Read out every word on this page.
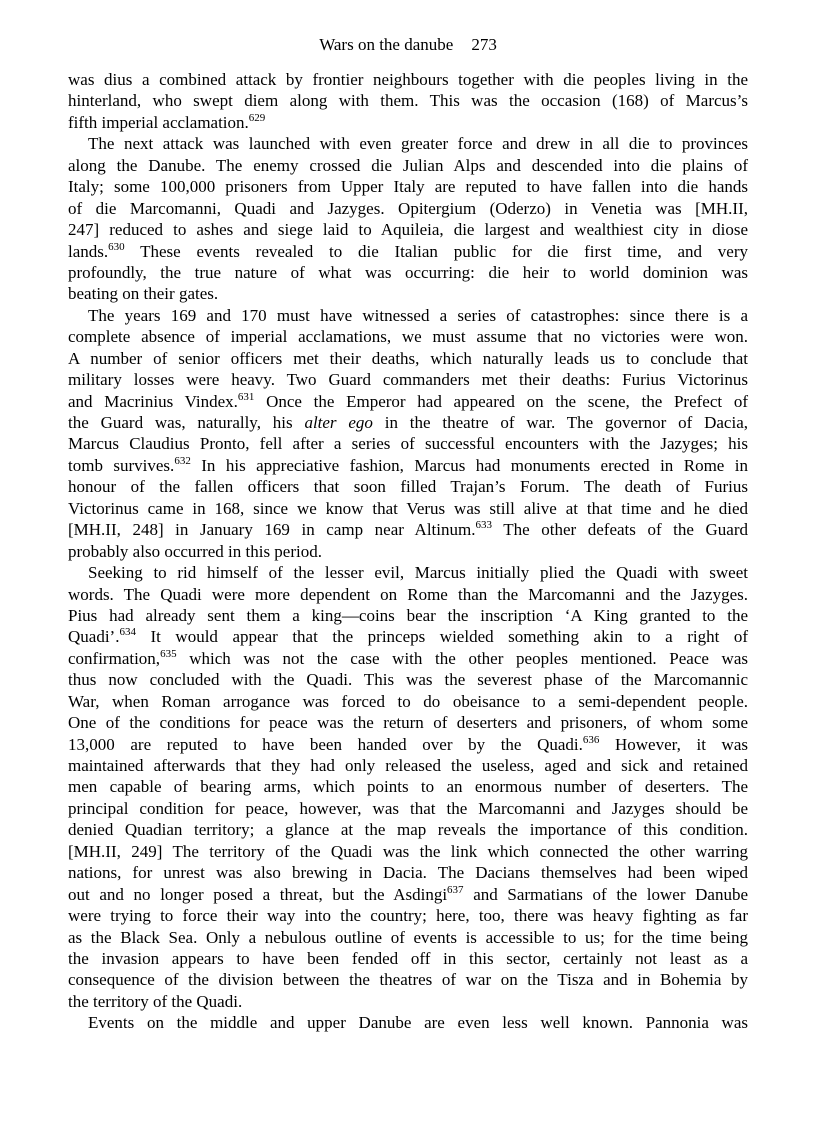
Wars on the danube 273
was dius a combined attack by frontier neighbours together with die peoples living in the
hinterland, who swept diem along with them. This was the occasion (168) of Marcus’s
fifth imperial acclamation.$^{629}$
The next attack was launched with even greater force and drew in all die to provinces
along the Danube. The enemy crossed die Julian Alps and descended into die plains of
Italy; some 100,000 prisoners from Upper Italy are reputed to have fallen into die hands
of die Marcomanni, Quadi and Jazyges. Opitergium (Oderzo) in Venetia was [MH.II,
247] reduced to ashes and siege laid to Aquileia, die largest and wealthiest city in diose
lands.$^{630}$ These events revealed to die Italian public for die first time, and very
profoundly, the true nature of what was occurring: die heir to world dominion was
beating on their gates.
The years 169 and 170 must have witnessed a series of catastrophes: since there is a
complete absence of imperial acclamations, we must assume that no victories were won.
A number of senior officers met their deaths, which naturally leads us to conclude that
military losses were heavy. Two Guard commanders met their deaths: Furius Victorinus
and Macrinius Vindex.$^{631}$ Once the Emperor had appeared on the scene, the Prefect of
the Guard was, naturally, his alter ego in the theatre of war. The governor of Dacia,
Marcus Claudius Pronto, fell after a series of successful encounters with the Jazyges; his
tomb survives.$^{632}$ In his appreciative fashion, Marcus had monuments erected in Rome in
honour of the fallen officers that soon filled Trajan’s Forum. The death of Furius
Victorinus came in 168, since we know that Verus was still alive at that time and he died
[MH.II, 248] in January 169 in camp near Altinum.$^{633}$ The other defeats of the Guard
probably also occurred in this period.
Seeking to rid himself of the lesser evil, Marcus initially plied the Quadi with sweet
words. The Quadi were more dependent on Rome than the Marcomanni and the Jazyges.
Pius had already sent them a king—coins bear the inscription ‘A King granted to the
Quadi’.$^{634}$ It would appear that the princeps wielded something akin to a right of
confirmation,$^{635}$ which was not the case with the other peoples mentioned. Peace was
thus now concluded with the Quadi. This was the severest phase of the Marcomannic
War, when Roman arrogance was forced to do obeisance to a semi-dependent people.
One of the conditions for peace was the return of deserters and prisoners, of whom some
13,000 are reputed to have been handed over by the Quadi.$^{636}$ However, it was
maintained afterwards that they had only released the useless, aged and sick and retained
men capable of bearing arms, which points to an enormous number of deserters. The
principal condition for peace, however, was that the Marcomanni and Jazyges should be
denied Quadian territory; a glance at the map reveals the importance of this condition.
[MH.II, 249] The territory of the Quadi was the link which connected the other warring
nations, for unrest was also brewing in Dacia. The Dacians themselves had been wiped
out and no longer posed a threat, but the Asdingi$^{637}$ and Sarmatians of the lower Danube
were trying to force their way into the country; here, too, there was heavy fighting as far
as the Black Sea. Only a nebulous outline of events is accessible to us; for the time being
the invasion appears to have been fended off in this sector, certainly not least as a
consequence of the division between the theatres of war on the Tisza and in Bohemia by
the territory of the Quadi.
Events on the middle and upper Danube are even less well known. Pannonia was
